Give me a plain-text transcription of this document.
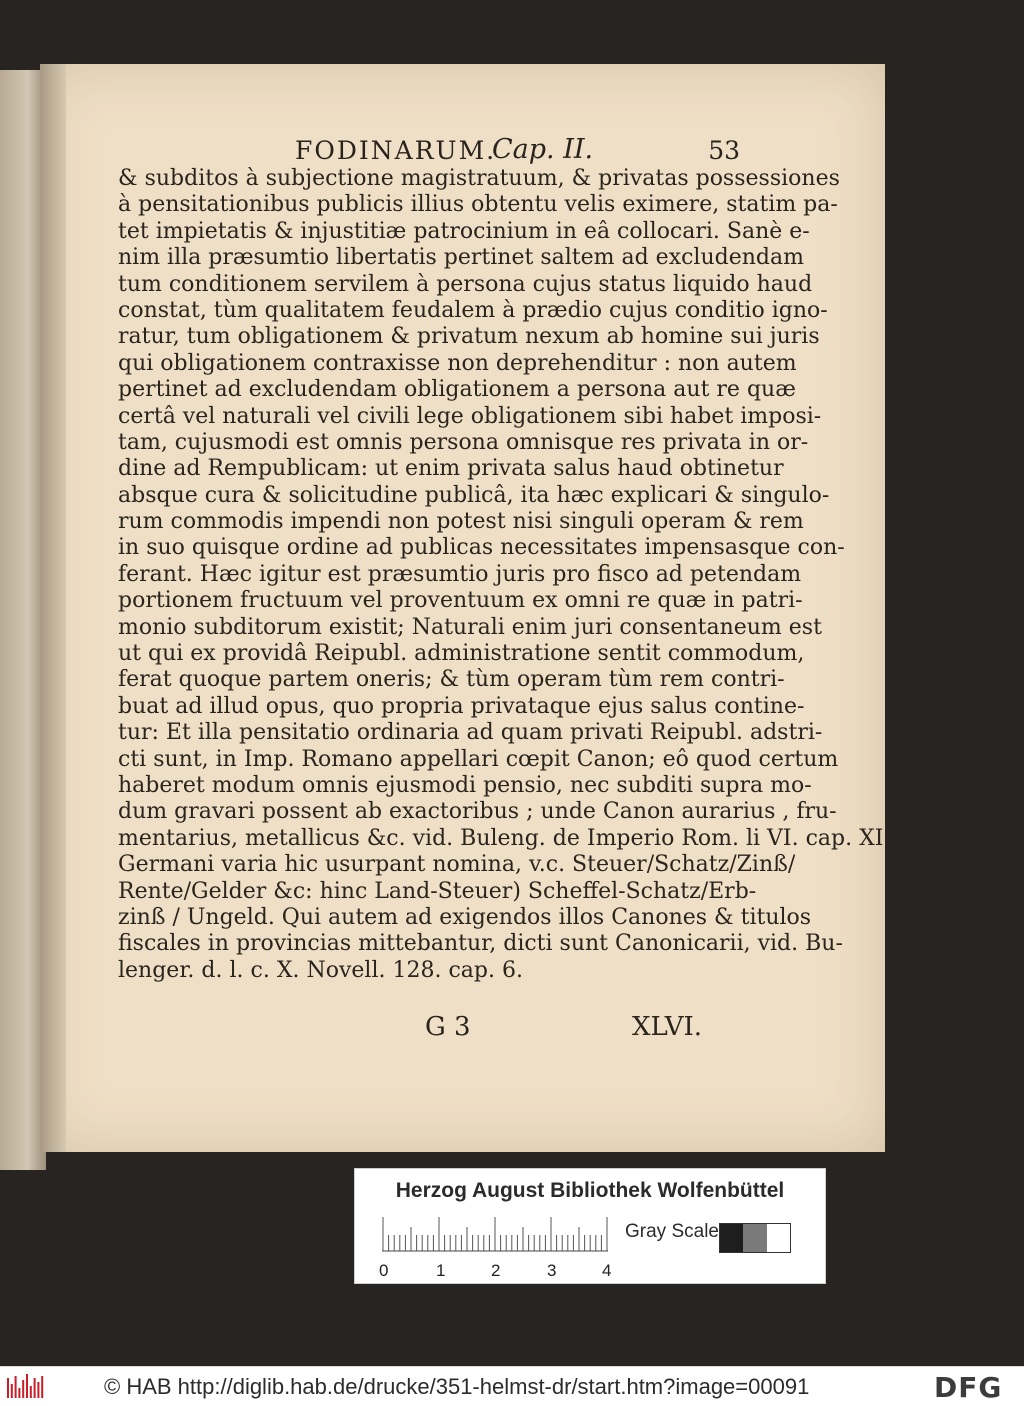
FODINARUM.
Cap. II.	53
& subditos à subjectione magistratuum, & privatas possessiones
à pensitationibus publicis illius obtentu velis eximere, statim pa-
tet impietatis & injustitiæ patrocinium in eâ collocari. Sanè e-
nim illa præsumtio libertatis pertinet saltem ad excludendam
tum conditionem servilem à persona cujus status liquido haud
constat, tùm qualitatem feudalem à prædio cujus conditio igno-
ratur, tum obligationem & privatum nexum ab homine sui juris
qui obligationem contraxisse non deprehenditur : non autem
pertinet ad excludendam obligationem a persona aut re quæ
certâ vel naturali vel civili lege obligationem sibi habet imposi-
tam, cujusmodi est omnis persona omnisque res privata in or-
dine ad Rempublicam: ut enim privata salus haud obtinetur
absque cura & solicitudine publicâ, ita hæc explicari & singulo-
rum commodis impendi non potest nisi singuli operam & rem
in suo quisque ordine ad publicas necessitates impensasque con-
ferant. Hæc igitur est præsumtio juris pro fisco ad petendam
portionem fructuum vel proventuum ex omni re quæ in patri-
monio subditorum existit; Naturali enim juri consentaneum est
ut qui ex providâ Reipubl. administratione sentit commodum,
ferat quoque partem oneris; & tùm operam tùm rem contri-
buat ad illud opus, quo propria privataque ejus salus contine-
tur: Et illa pensitatio ordinaria ad quam privati Reipubl. adstri-
cti sunt, in Imp. Romano appellari cœpit Canon; eô quod certum
haberet modum omnis ejusmodi pensio, nec subditi supra mo-
dum gravari possent ab exactoribus ; unde Canon aurarius , fru-
mentarius, metallicus &c. vid. Buleng. de Imperio Rom. li VI. cap. XI.
Germani varia hic usurpant nomina, v.c. Steuer/Schatz/Zinß/
Rente/Gelder &c: hinc Land-Steuer) Scheffel-Schatz/Erb-
zinß / Ungeld. Qui autem ad exigendos illos Canones & titulos
fiscales in provincias mittebantur, dicti sunt Canonicarii, vid. Bu-
lenger. d. l. c. X. Novell. 128. cap. 6.
G 3	XLVI.
Herzog August Bibliothek Wolfenbüttel
0	1	2	3	4
Gray Scale
© HAB http://diglib.hab.de/drucke/351-helmst-dr/start.htm?image=00091	DFG
